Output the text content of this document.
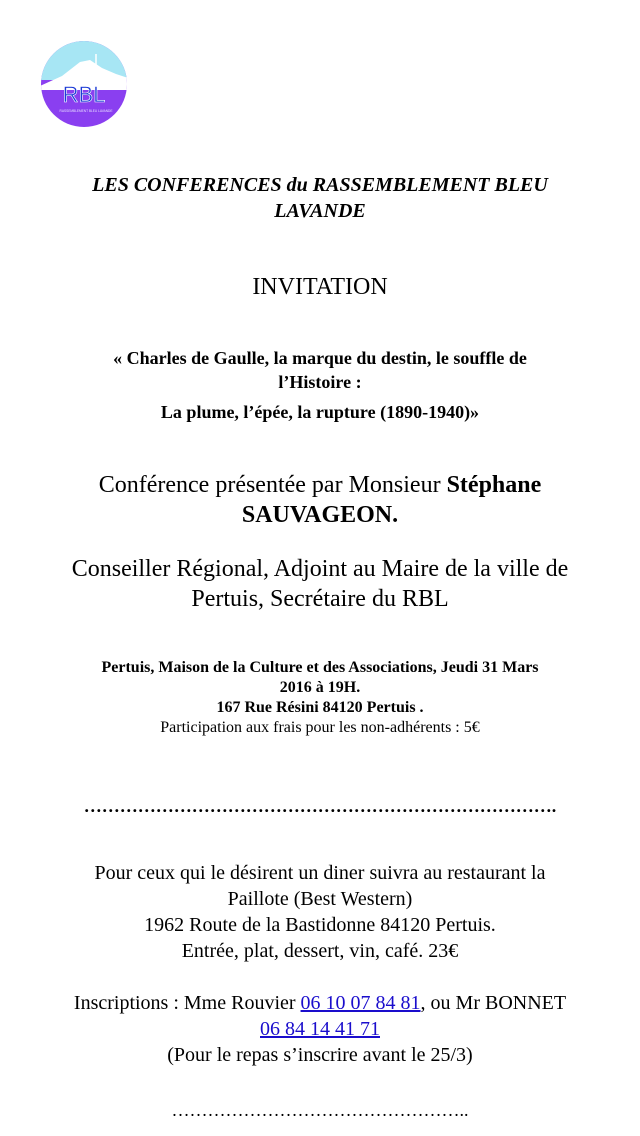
RBL
RASSEMBLEMENT BLEU LAVANDE
LES CONFERENCES du RASSEMBLEMENT BLEU
LAVANDE
INVITATION
« Charles de Gaulle, la marque du destin, le souffle de
l’Histoire :
La plume, l’épée, la rupture (1890-1940)»
Conférence présentée par Monsieur Stéphane
SAUVAGEON.
Conseiller Régional, Adjoint au Maire de la ville de
Pertuis, Secrétaire du RBL
Pertuis, Maison de la Culture et des Associations, Jeudi 31 Mars
2016 à 19H.
167 Rue Résini 84120 Pertuis .
Participation aux frais pour les non-adhérents : 5€
…………………………………………………………………….
Pour ceux qui le désirent un diner suivra au restaurant la
Paillote (Best Western)
1962 Route de la Bastidonne 84120 Pertuis.
Entrée, plat, dessert, vin, café. 23€
Inscriptions : Mme Rouvier 06 10 07 84 81, ou Mr BONNET
06 84 14 41 71
(Pour le repas s’inscrire avant le 25/3)
…………………………………………..
